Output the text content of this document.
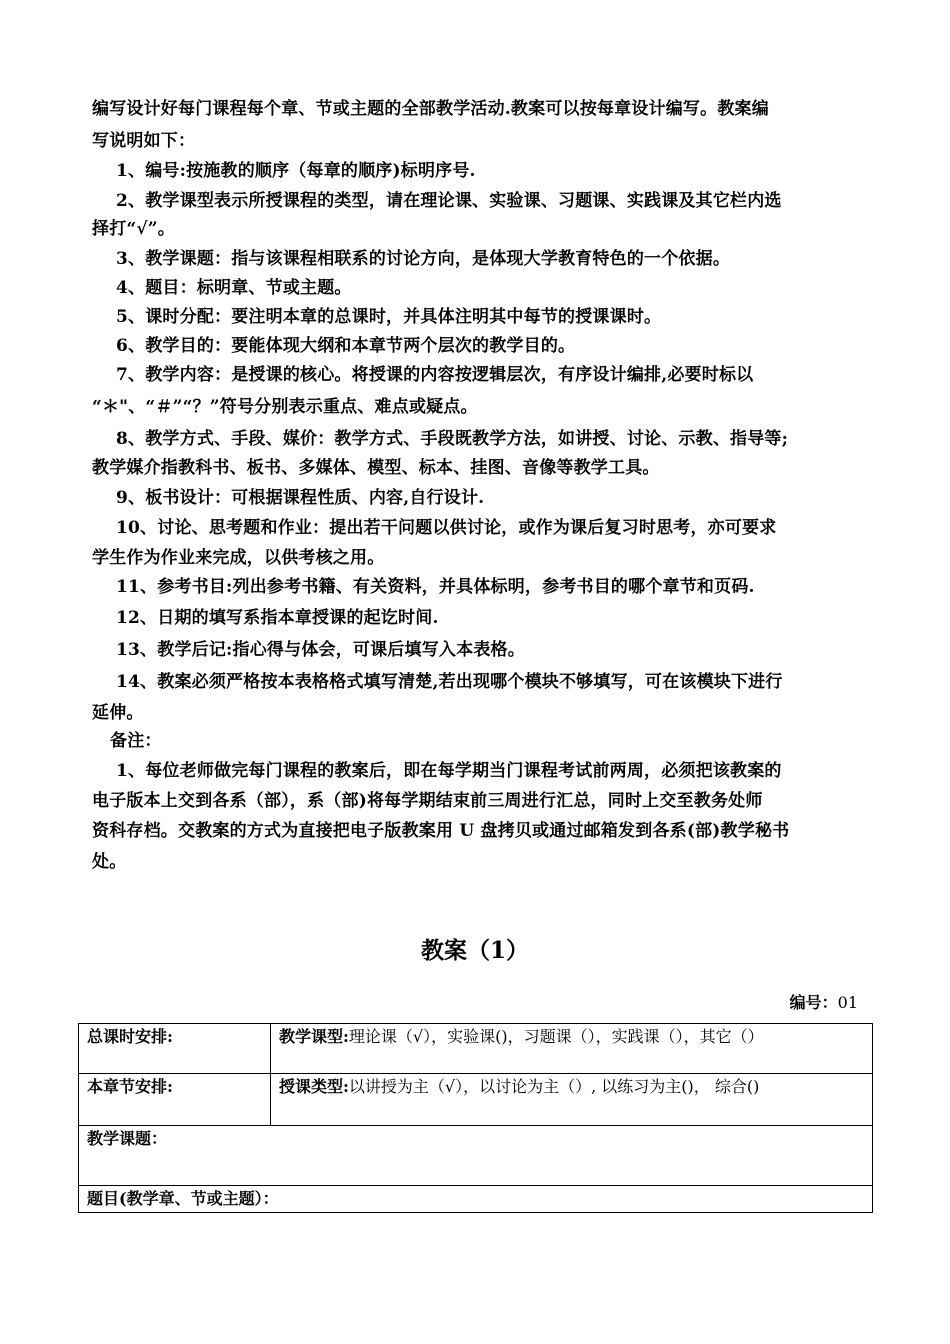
编写设计好每门课程每个章、节或主题的全部教学活动.教案可以按每章设计编写。教案编
写说明如下：
1、编号:按施教的顺序（每章的顺序)标明序号.
2、教学课型表示所授课程的类型，请在理论课、实验课、习题课、实践课及其它栏内选
择打“√”。
3、教学课题：指与该课程相联系的讨论方向，是体现大学教育特色的一个依据。
4、题目：标明章、节或主题。
5、课时分配：要注明本章的总课时，并具体注明其中每节的授课课时。
6、教学目的：要能体现大纲和本章节两个层次的教学目的。
7、教学内容：是授课的核心。将授课的内容按逻辑层次，有序设计编排,必要时标以
“＊"、“＃”“？”符号分别表示重点、难点或疑点。
8、教学方式、手段、媒价：教学方式、手段既教学方法，如讲授、讨论、示教、指导等;
教学媒介指教科书、板书、多媒体、模型、标本、挂图、音像等教学工具。
9、板书设计：可根据课程性质、内容,自行设计.
10、讨论、思考题和作业：提出若干问题以供讨论，或作为课后复习时思考，亦可要求
学生作为作业来完成，以供考核之用。
11、参考书目:列出参考书籍、有关资料，并具体标明，参考书目的哪个章节和页码.
12、日期的填写系指本章授课的起讫时间.
13、教学后记:指心得与体会，可课后填写入本表格。
14、教案必须严格按本表格格式填写清楚,若出现哪个模块不够填写，可在该模块下进行
延伸。
备注：
1、每位老师做完每门课程的教案后，即在每学期当门课程考试前两周，必须把该教案的
电子版本上交到各系（部），系（部)将每学期结束前三周进行汇总，同时上交至教务处师
资科存档。交教案的方式为直接把电子版教案用 U 盘拷贝或通过邮箱发到各系(部)教学秘书
处。
教案（1）
编号：01
总课时安排:	教学课型:理论课（√），实验课()，习题课（），实践课（），其它（）
本章节安排:	授课类型:以讲授为主（√），以讨论为主（）, 以练习为主()， 综合()
教学课题：	
题目(教学章、节或主题）：	
